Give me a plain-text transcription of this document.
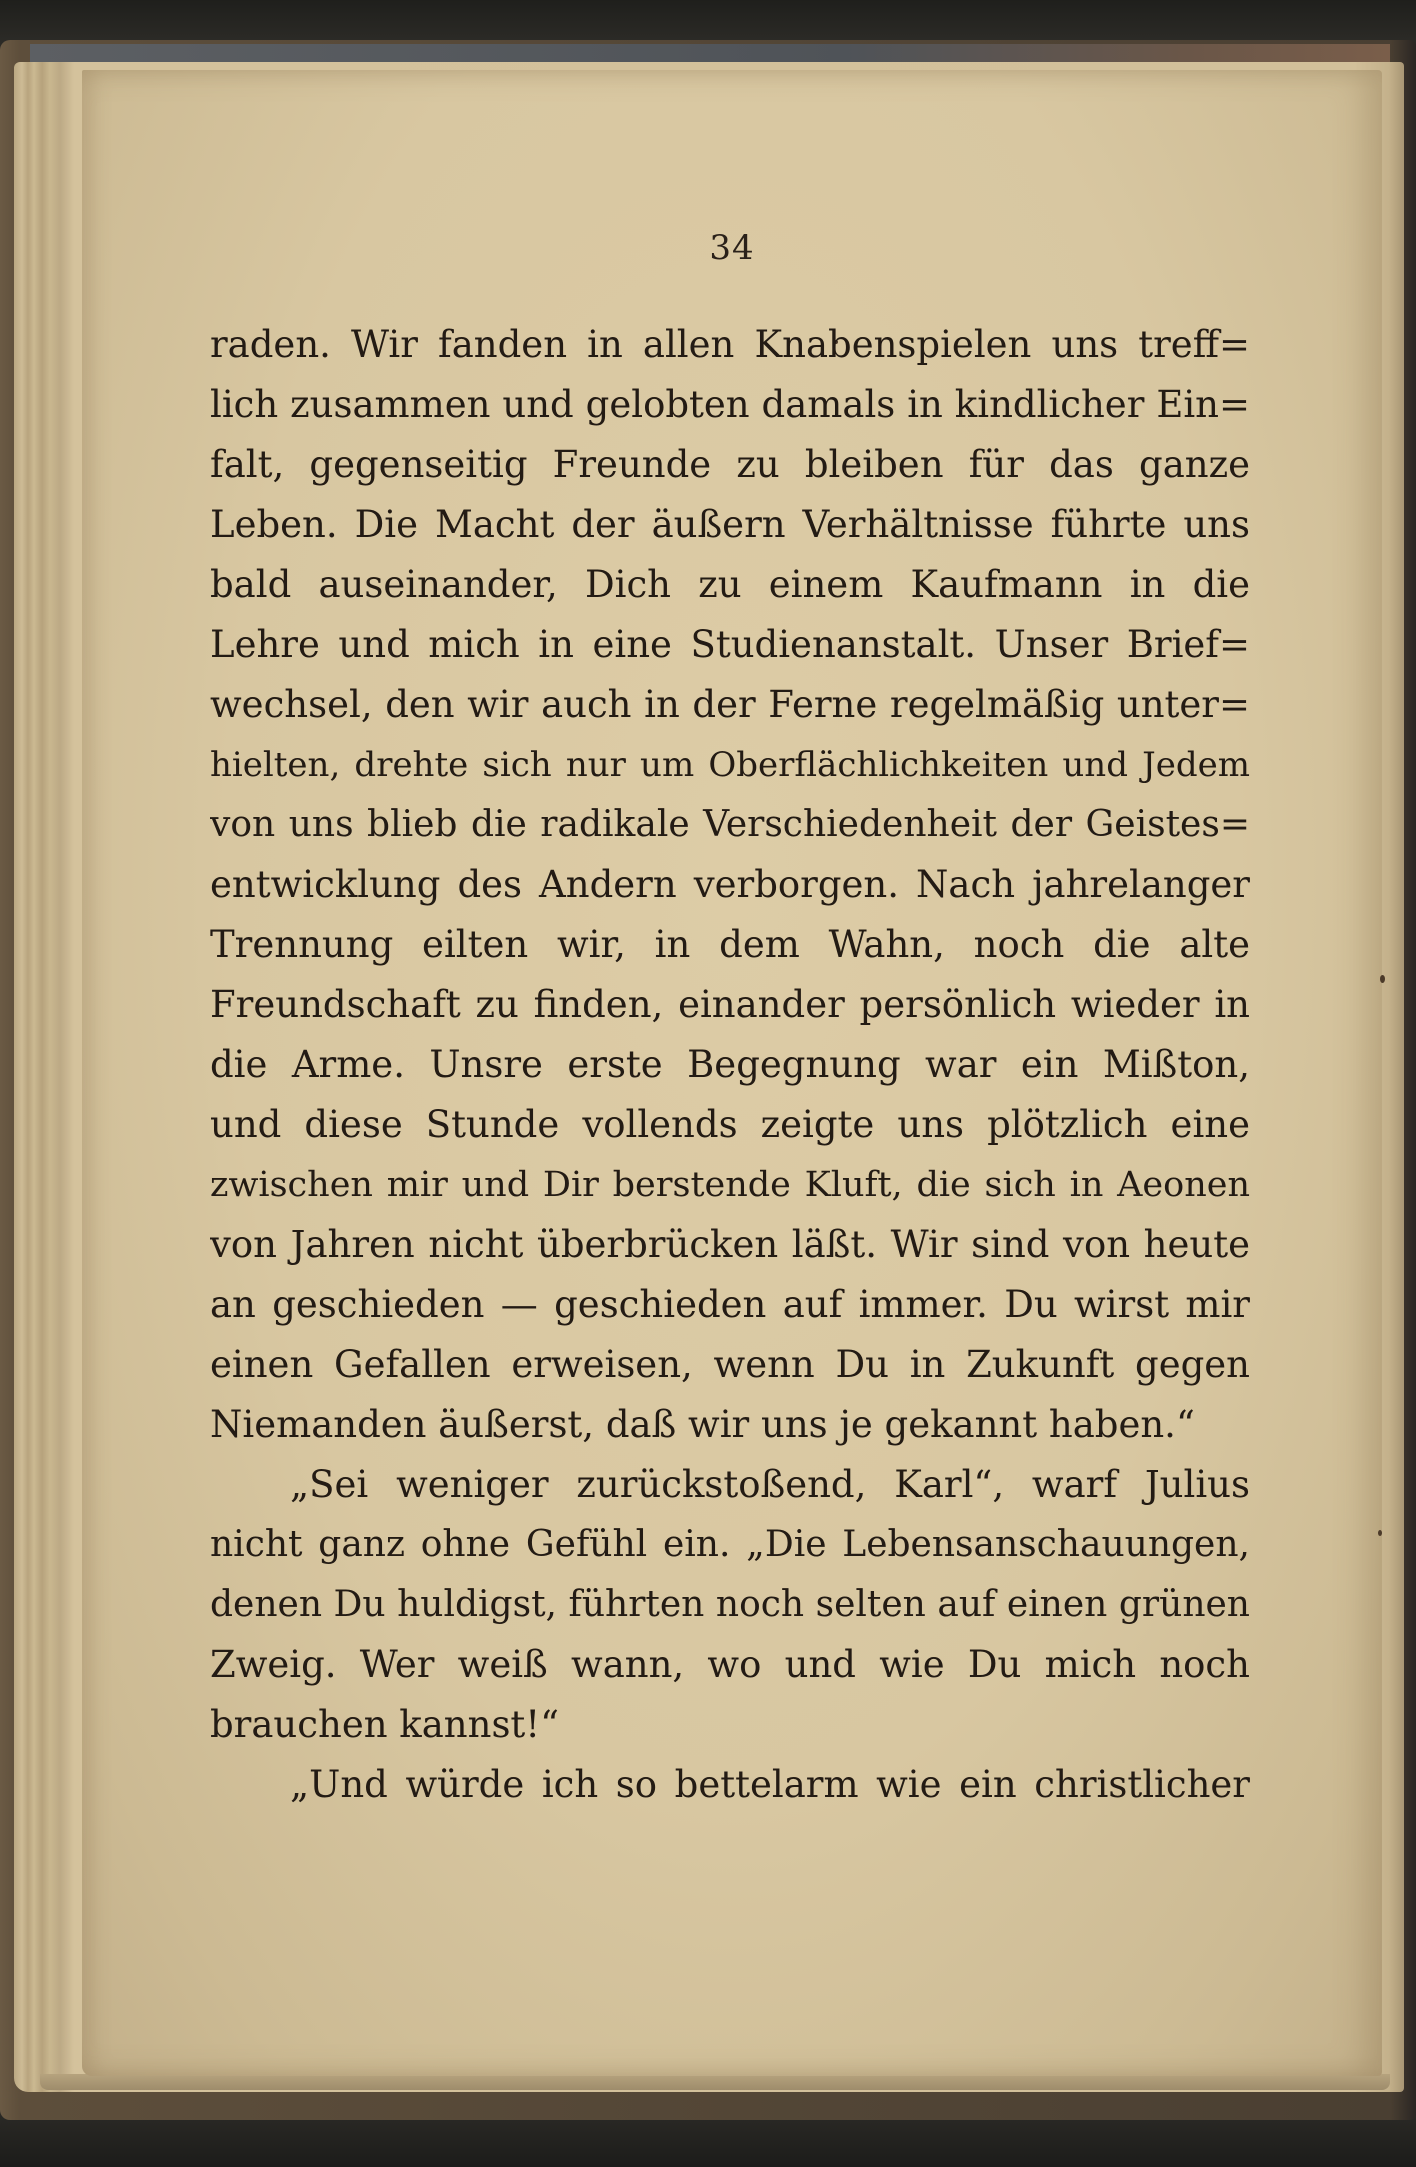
34

raden. Wir fanden in allen Knabenspielen uns treff=
lich zusammen und gelobten damals in kindlicher Ein=
falt, gegenseitig Freunde zu bleiben für das ganze
Leben. Die Macht der äußern Verhältnisse führte uns
bald auseinander, Dich zu einem Kaufmann in die
Lehre und mich in eine Studienanstalt. Unser Brief=
wechsel, den wir auch in der Ferne regelmäßig unter=
hielten, drehte sich nur um Oberflächlichkeiten und Jedem
von uns blieb die radikale Verschiedenheit der Geistes=
entwicklung des Andern verborgen. Nach jahrelanger
Trennung eilten wir, in dem Wahn, noch die alte
Freundschaft zu finden, einander persönlich wieder in
die Arme. Unsre erste Begegnung war ein Mißton,
und diese Stunde vollends zeigte uns plötzlich eine
zwischen mir und Dir berstende Kluft, die sich in Aeonen
von Jahren nicht überbrücken läßt. Wir sind von heute
an geschieden — geschieden auf immer. Du wirst mir
einen Gefallen erweisen, wenn Du in Zukunft gegen
Niemanden äußerst, daß wir uns je gekannt haben.“
„Sei weniger zurückstoßend, Karl“, warf Julius
nicht ganz ohne Gefühl ein. „Die Lebensanschauungen,
denen Du huldigst, führten noch selten auf einen grünen
Zweig. Wer weiß wann, wo und wie Du mich noch
brauchen kannst!“
„Und würde ich so bettelarm wie ein christlicher
